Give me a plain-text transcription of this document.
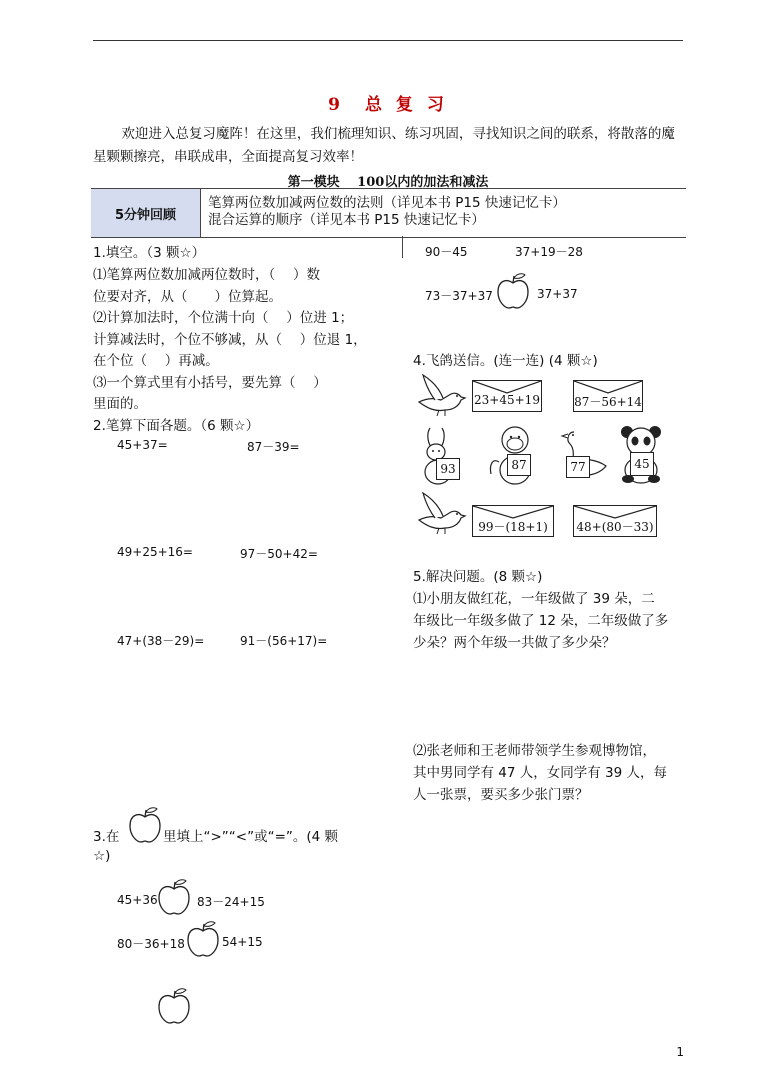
9　总 复 习
欢迎进入总复习魔阵！在这里，我们梳理知识、练习巩固，寻找知识之间的联系，将散落的魔星颗颗擦亮，串联成串，全面提高复习效率！
第一模块　 100以内的加法和减法
5分钟回顾
笔算两位数加减两位数的法则（详见本书 P15 快速记忆卡）
混合运算的顺序（详见本书 P15 快速记忆卡）
1.填空。（3 颗☆）
⑴笔算两位数加减两位数时，（　 ）数
位要对齐，从（　　）位算起。
⑵计算加法时，个位满十向（　 ）位进 1；
计算减法时，个位不够减，从（　 ）位退 1，
在个位（　 ）再减。
⑶一个算式里有小括号，要先算（　 ）
里面的。
2.笔算下面各题。（6 颗☆）
45+37=	87－39=
49+25+16=	97－50+42=
47+(38－29)=	91－(56+17)=
3.在	里填上“>”“<”或“=”。(4 颗
☆)
45+36	83－24+15
80－36+18	54+15
90－45	37+19－28
73－37+37	37+37
4.飞鸽送信。(连一连) (4 颗☆)
23+45+19	87－56+14
93	87	77	45
99－(18+1)	48+(80－33)
5.解决问题。(8 颗☆)
⑴小朋友做红花，一年级做了 39 朵，二
年级比一年级多做了 12 朵，二年级做了多
少朵？两个年级一共做了多少朵？
⑵张老师和王老师带领学生参观博物馆，
其中男同学有 47 人，女同学有 39 人，每
人一张票，要买多少张门票？
1
